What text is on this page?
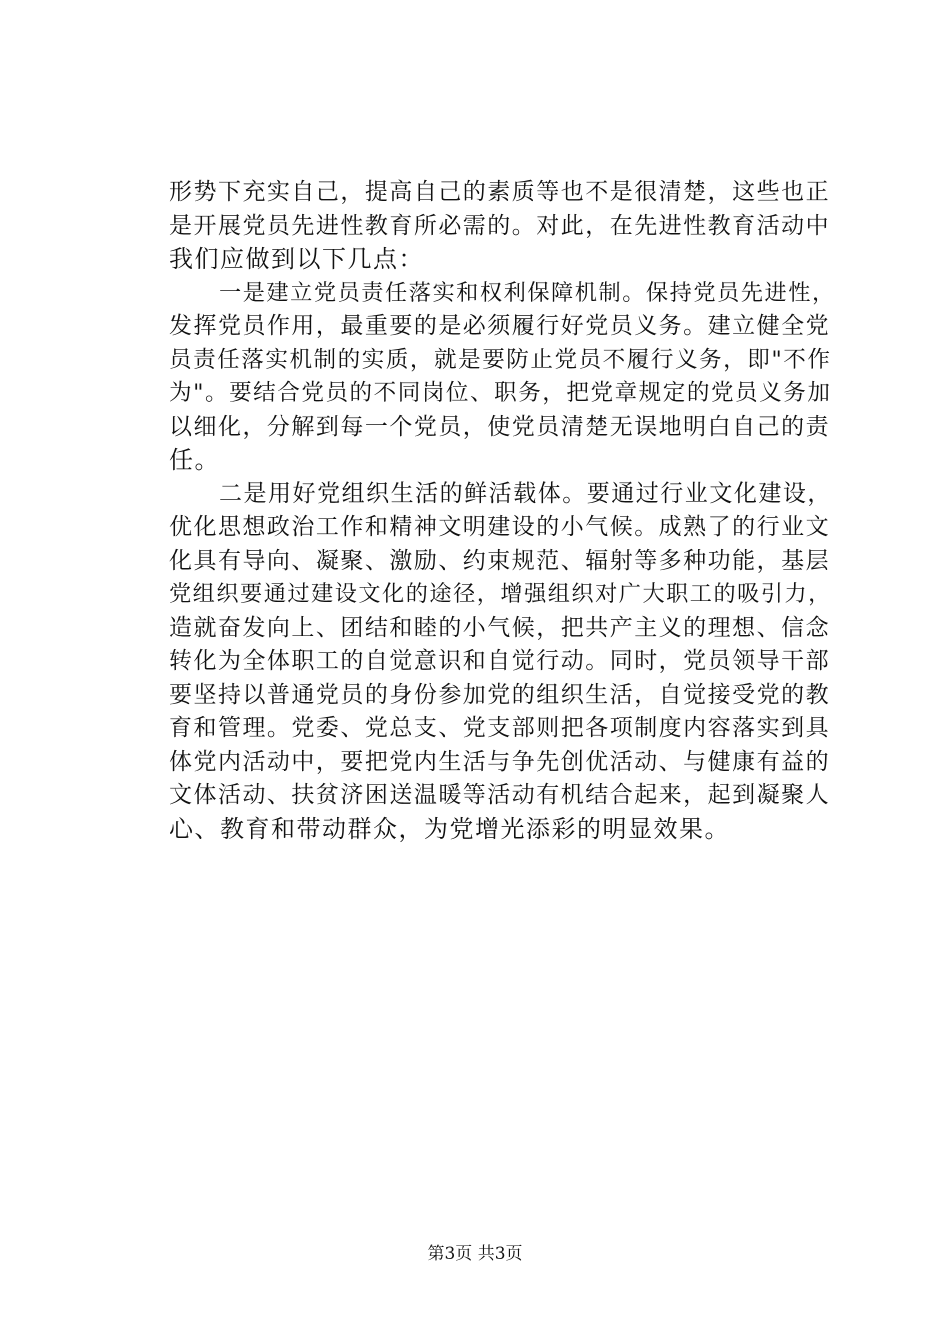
形势下充实自己，提高自己的素质等也不是很清楚，这些也正
是开展党员先进性教育所必需的。对此，在先进性教育活动中
我们应做到以下几点：
一是建立党员责任落实和权利保障机制。保持党员先进性，
发挥党员作用，最重要的是必须履行好党员义务。建立健全党
员责任落实机制的实质，就是要防止党员不履行义务，即"不作
为"。要结合党员的不同岗位、职务，把党章规定的党员义务加
以细化，分解到每一个党员，使党员清楚无误地明白自己的责
任。
二是用好党组织生活的鲜活载体。要通过行业文化建设，
优化思想政治工作和精神文明建设的小气候。成熟了的行业文
化具有导向、凝聚、激励、约束规范、辐射等多种功能，基层
党组织要通过建设文化的途径，增强组织对广大职工的吸引力，
造就奋发向上、团结和睦的小气候，把共产主义的理想、信念
转化为全体职工的自觉意识和自觉行动。同时，党员领导干部
要坚持以普通党员的身份参加党的组织生活，自觉接受党的教
育和管理。党委、党总支、党支部则把各项制度内容落实到具
体党内活动中，要把党内生活与争先创优活动、与健康有益的
文体活动、扶贫济困送温暖等活动有机结合起来，起到凝聚人
心、教育和带动群众，为党增光添彩的明显效果。
第3页 共3页
